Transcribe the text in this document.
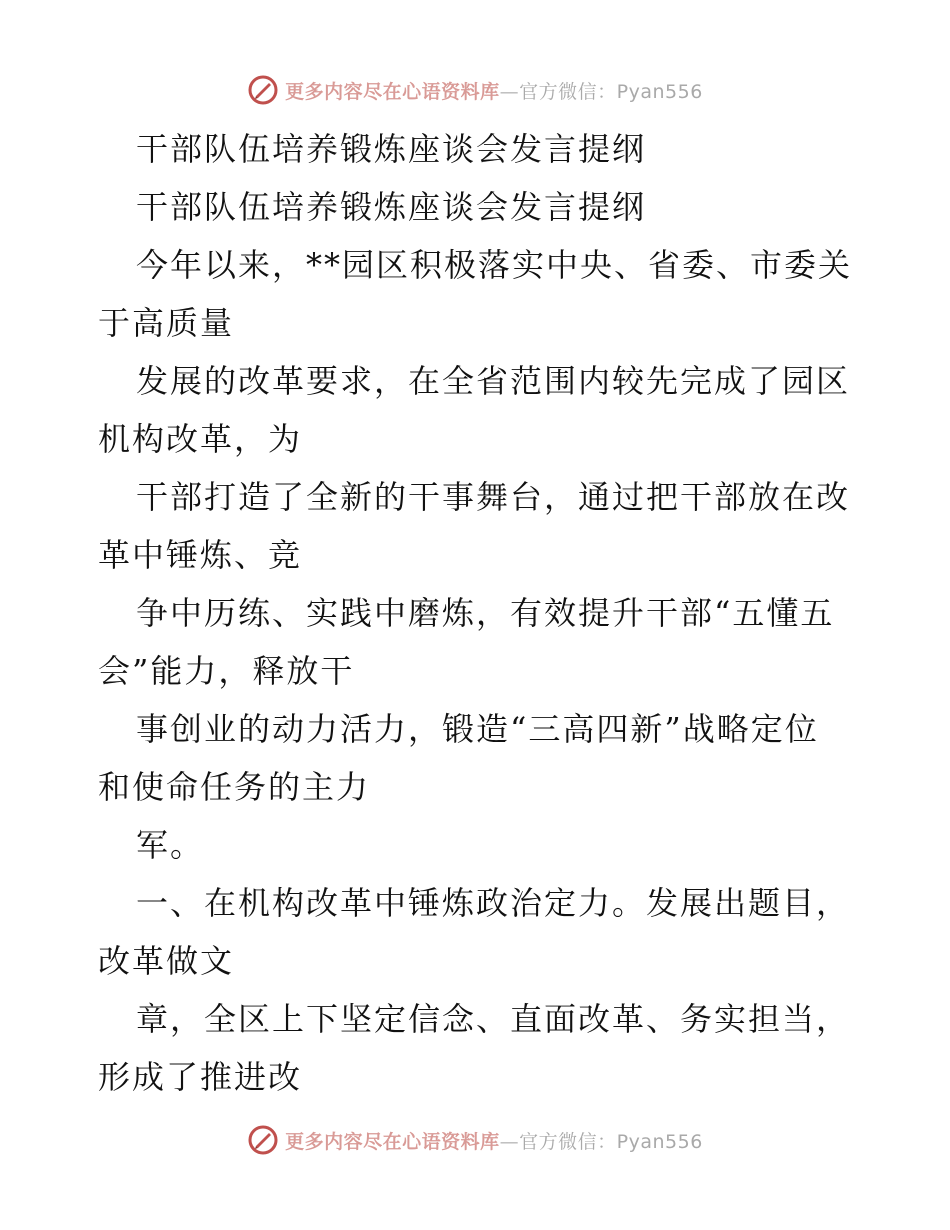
更多内容尽在心语资料库—官方微信：Pyan556
干部队伍培养锻炼座谈会发言提纲
干部队伍培养锻炼座谈会发言提纲
今年以来，**园区积极落实中央、省委、市委关
于高质量
发展的改革要求，在全省范围内较先完成了园区
机构改革，为
干部打造了全新的干事舞台，通过把干部放在改
革中锤炼、竞
争中历练、实践中磨炼，有效提升干部“五懂五
会”能力，释放干
事创业的动力活力，锻造“三高四新”战略定位
和使命任务的主力
军。
一、在机构改革中锤炼政治定力。发展出题目，
改革做文
章，全区上下坚定信念、直面改革、务实担当，
形成了推进改
更多内容尽在心语资料库—官方微信：Pyan556
